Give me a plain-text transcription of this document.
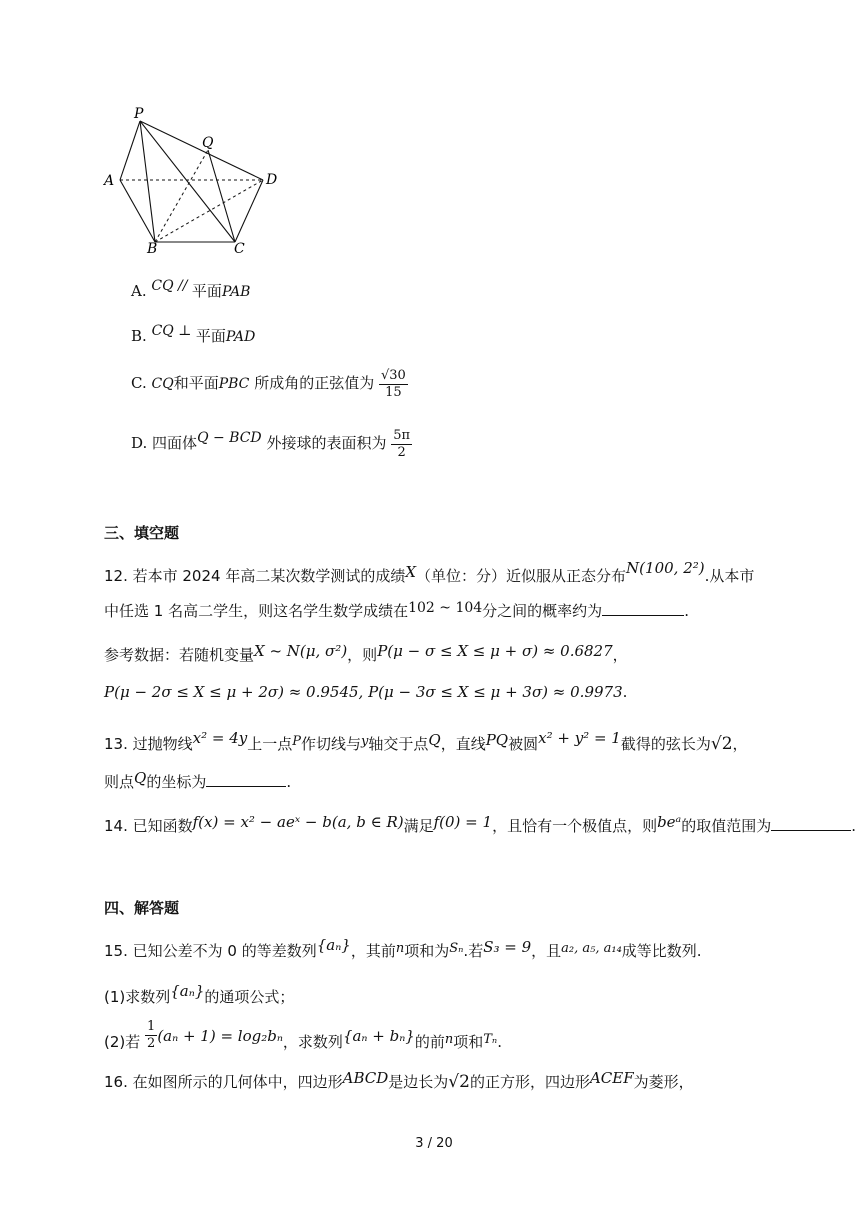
P
Q
A	D
B	C
A. CQ // 平面PAB
B. CQ ⊥ 平面PAD
C. CQ和平面PBC 所成角的正弦值为 $\frac{√30}{15}$
D. 四面体Q − BCD 外接球的表面积为 $\frac{5\pi}{2}$
三、填空题
12. 若本市 2024 年高二某次数学测试的成绩X（单位：分）近似服从正态分布N(100, 2²).从本市
中任选 1 名高二学生，则这名学生数学成绩在102 ~ 104分之间的概率约为	.
参考数据：若随机变量X ~ N(μ, σ²)，则P(μ − σ ≤ X ≤ μ + σ) ≈ 0.6827，
P(μ − 2σ ≤ X ≤ μ + 2σ) ≈ 0.9545, P(μ − 3σ ≤ X ≤ μ + 3σ) ≈ 0.9973.
13. 过抛物线x² = 4y上一点P作切线与y轴交于点Q，直线PQ被圆x² + y² = 1截得的弦长为√2，
则点Q的坐标为	.
14. 已知函数f(x) = x² − aeˣ − b(a, b ∈ R)满足f(0) = 1，且恰有一个极值点，则beᵃ的取值范围为	.
四、解答题
15. 已知公差不为 0 的等差数列{aₙ}，其前n项和为Sₙ.若S₃ = 9，且a₂, a₅, a₁₄成等比数列.
(1)求数列{aₙ}的通项公式；
(2)若 $\frac{1}{2} (a_n + 1) = \log_2b_n$，求数列{aₙ + bₙ}的前n项和Tₙ.
16. 在如图所示的几何体中，四边形ABCD是边长为√2的正方形，四边形ACEF为菱形，
3 / 20
